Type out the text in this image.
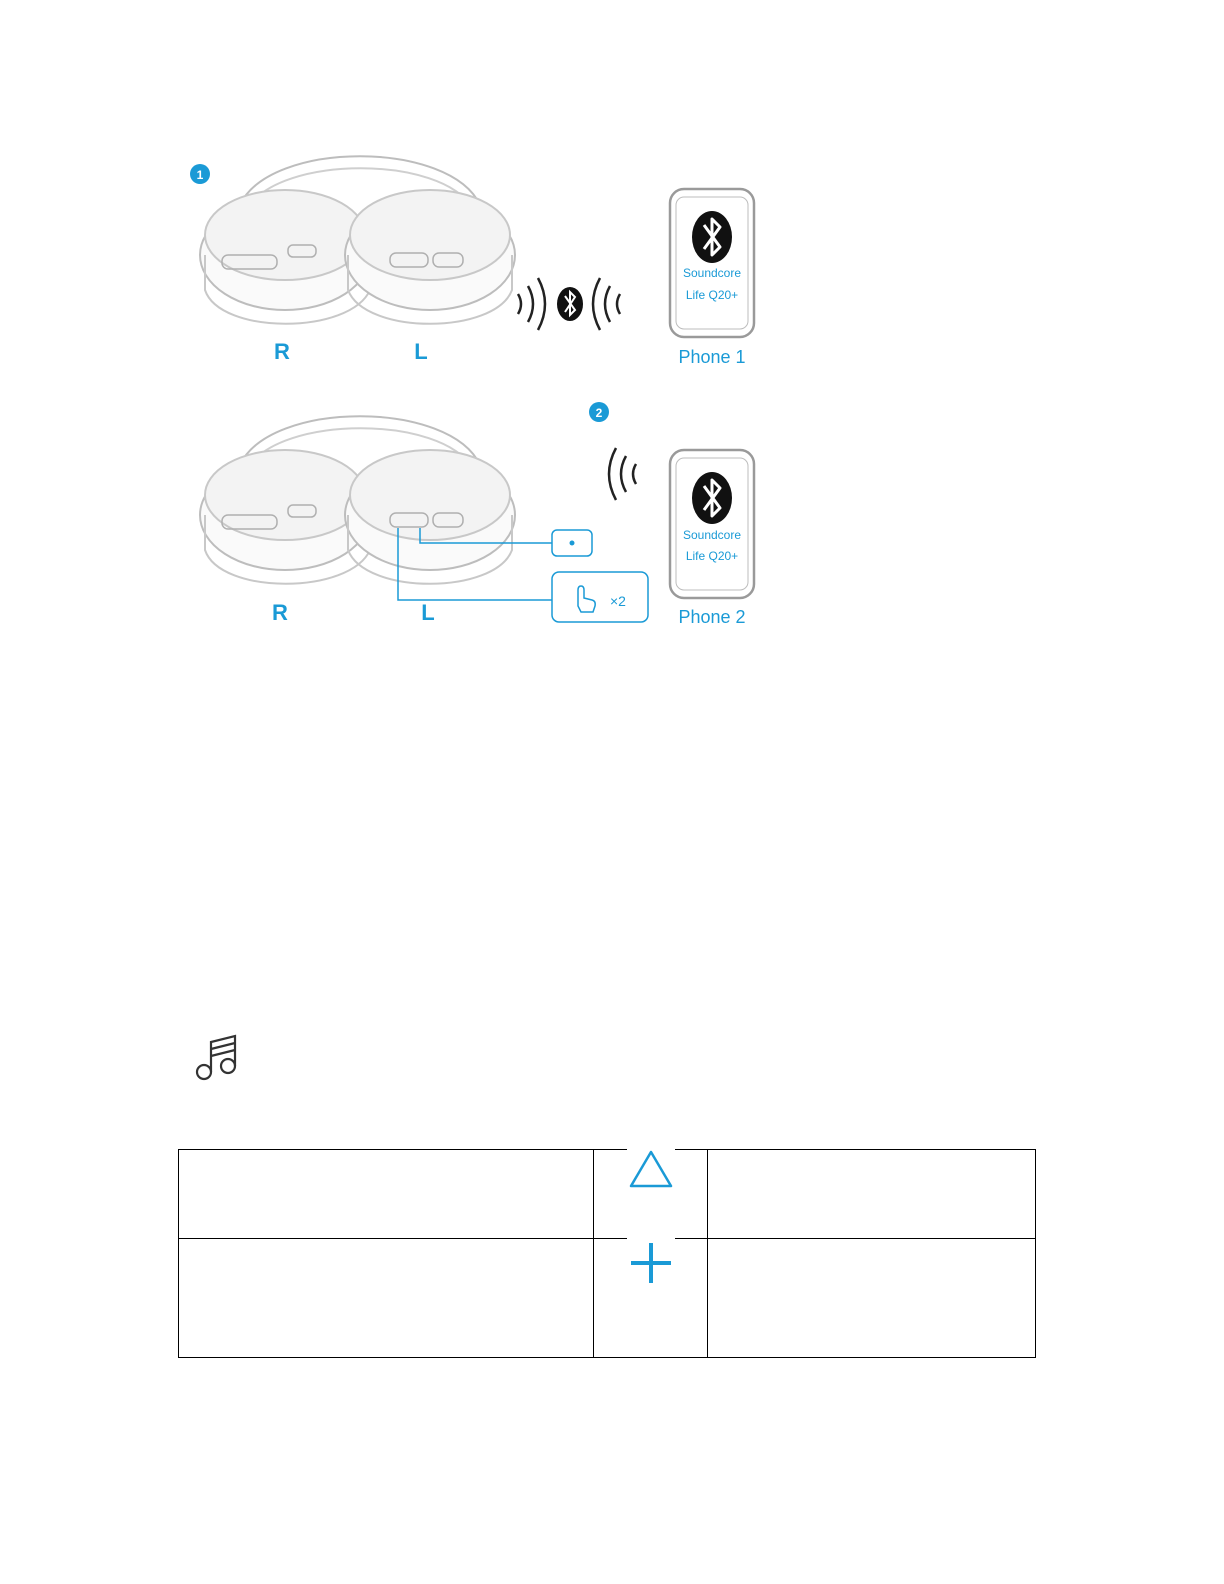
1
R	L
Soundcore
Life Q20+
Phone 1
2
R	L	×2
Soundcore
Life Q20+
Phone 2
